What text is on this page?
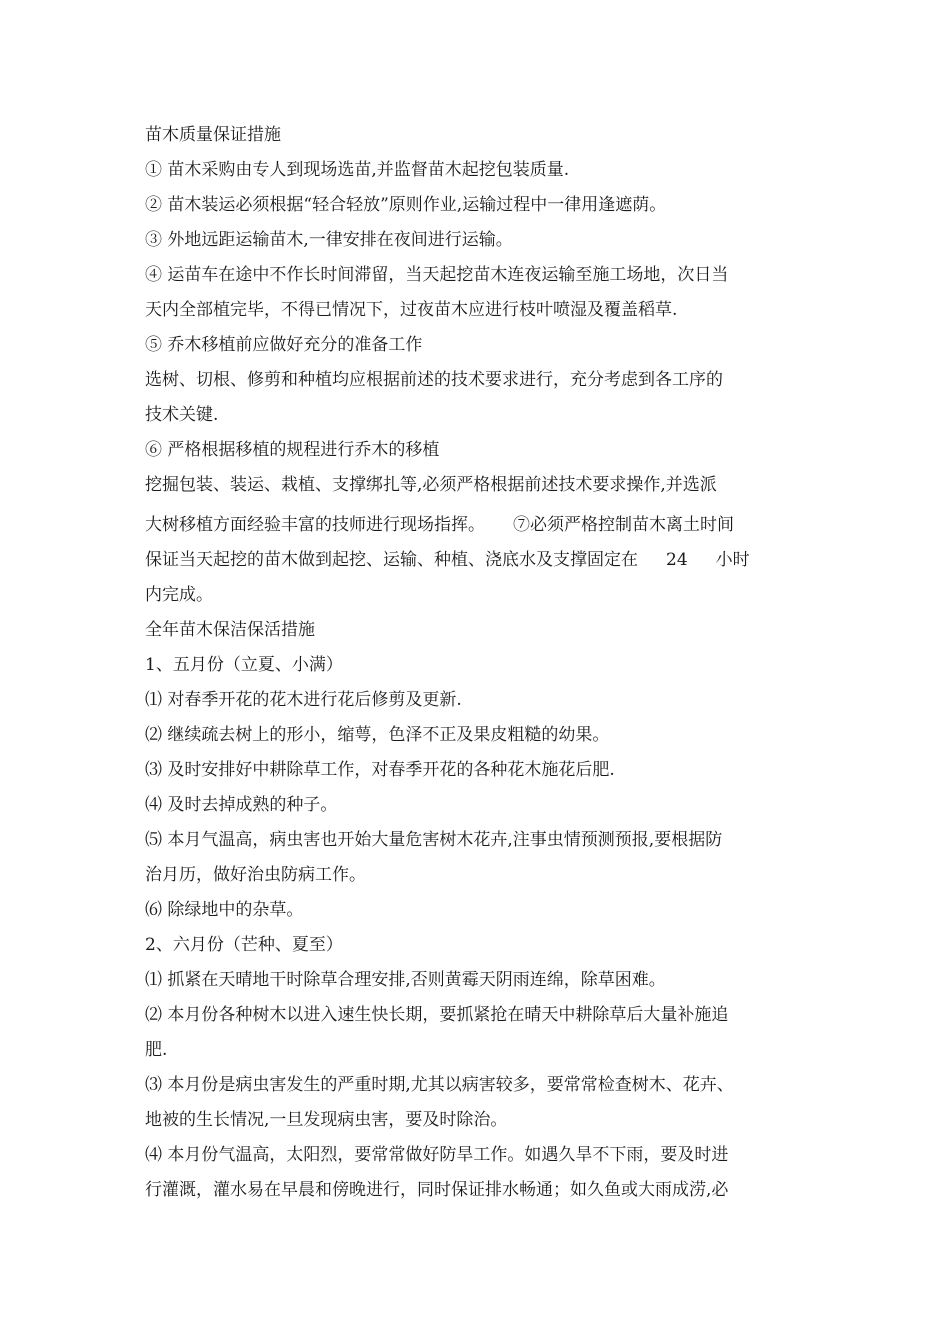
苗木质量保证措施
① 苗木采购由专人到现场选苗,并监督苗木起挖包装质量.
② 苗木装运必须根据“轻合轻放”原则作业,运输过程中一律用逢遮荫。
③ 外地远距运输苗木,一律安排在夜间进行运输。
④ 运苗车在途中不作长时间滞留，当天起挖苗木连夜运输至施工场地，次日当
天内全部植完毕，不得已情况下，过夜苗木应进行枝叶喷湿及覆盖稻草.
⑤ 乔木移植前应做好充分的准备工作
选树、切根、修剪和种植均应根据前述的技术要求进行，充分考虑到各工序的
技术关键.
⑥ 严格根据移植的规程进行乔木的移植
挖掘包装、装运、栽植、支撑绑扎等,必须严格根据前述技术要求操作,并选派
大树移植方面经验丰富的技师进行现场指挥。 ⑦必须严格控制苗木离土时间
保证当天起挖的苗木做到起挖、运输、种植、浇底水及支撑固定在 24 小时
内完成。
全年苗木保洁保活措施
1、五月份（立夏、小满）
⑴ 对春季开花的花木进行花后修剪及更新.
⑵ 继续疏去树上的形小，缩萼，色泽不正及果皮粗糙的幼果。
⑶ 及时安排好中耕除草工作，对春季开花的各种花木施花后肥.
⑷ 及时去掉成熟的种子。
⑸ 本月气温高，病虫害也开始大量危害树木花卉,注事虫情预测预报,要根据防
治月历，做好治虫防病工作。
⑹ 除绿地中的杂草。
2、六月份（芒种、夏至）
⑴ 抓紧在天晴地干时除草合理安排,否则黄霉天阴雨连绵，除草困难。
⑵ 本月份各种树木以进入速生快长期，要抓紧抢在晴天中耕除草后大量补施追
肥.
⑶ 本月份是病虫害发生的严重时期,尤其以病害较多，要常常检查树木、花卉、
地被的生长情况,一旦发现病虫害，要及时除治。
⑷ 本月份气温高，太阳烈，要常常做好防旱工作。如遇久旱不下雨，要及时进
行灌溉，灌水易在早晨和傍晚进行，同时保证排水畅通；如久鱼或大雨成涝,必
